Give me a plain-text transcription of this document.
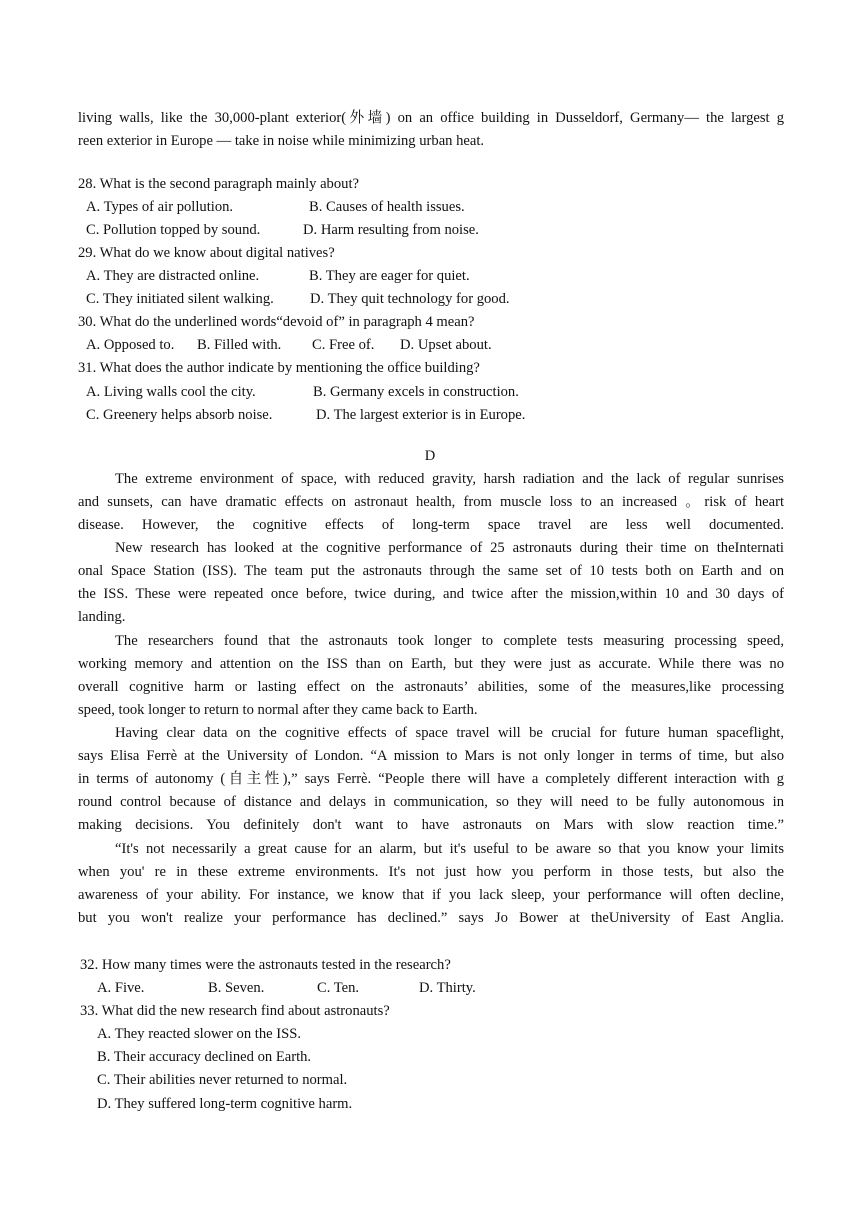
living walls, like the 30,000-plant exterior(外墙) on an office building in Dusseldorf, Germany— the largest g
reen exterior in Europe — take in noise while minimizing urban heat.
28. What is the second paragraph mainly about?
A. Types of air pollution.	B. Causes of health issues.
C. Pollution topped by sound.	D. Harm resulting from noise.
29. What do we know about digital natives?
A. They are distracted online.	B. They are eager for quiet.
C. They initiated silent walking. D. They quit technology for good.
30. What do the underlined words“devoid of” in paragraph 4 mean?
A. Opposed to. B. Filled with. C. Free of. D. Upset about.
31. What does the author indicate by mentioning the office building?
A. Living walls cool the city.	B. Germany excels in construction.
C. Greenery helps absorb noise.	D. The largest exterior is in Europe.
D
The extreme environment of space, with reduced gravity, harsh radiation and the lack of regular sunrises
and sunsets, can have dramatic effects on astronaut health, from muscle loss to an increased 。risk of heart
disease. However, the cognitive effects of long-term space travel are less well documented.
New research has looked at the cognitive performance of 25 astronauts during their time on theInternati
onal Space Station (ISS). The team put the astronauts through the same set of 10 tests both on Earth and on
the ISS. These were repeated once before, twice during, and twice after the mission,within 10 and 30 days of
landing.
The researchers found that the astronauts took longer to complete tests measuring processing speed,
working memory and attention on the ISS than on Earth, but they were just as accurate. While there was no
overall cognitive harm or lasting effect on the astronauts’ abilities, some of the measures,like processing
speed, took longer to return to normal after they came back to Earth.
Having clear data on the cognitive effects of space travel will be crucial for future human spaceflight,
says Elisa Ferrè at the University of London. “A mission to Mars is not only longer in terms of time, but also
in terms of autonomy (自主性),” says Ferrè. “People there will have a completely different interaction with g
round control because of distance and delays in communication, so they will need to be fully autonomous in
making decisions. You definitely don't want to have astronauts on Mars with slow reaction time.”
“It's not necessarily a great cause for an alarm, but it's useful to be aware so that you know your limits
when you' re in these extreme environments. It's not just how you perform in those tests, but also the
awareness of your ability. For instance, we know that if you lack sleep, your performance will often decline,
but you won't realize your performance has declined.” says Jo Bower at theUniversity of East Anglia.
32. How many times were the astronauts tested in the research?
A. Five.	B. Seven.	C. Ten.	D. Thirty.
33. What did the new research find about astronauts?
A. They reacted slower on the ISS.
B. Their accuracy declined on Earth.
C. Their abilities never returned to normal.
D. They suffered long-term cognitive harm.
